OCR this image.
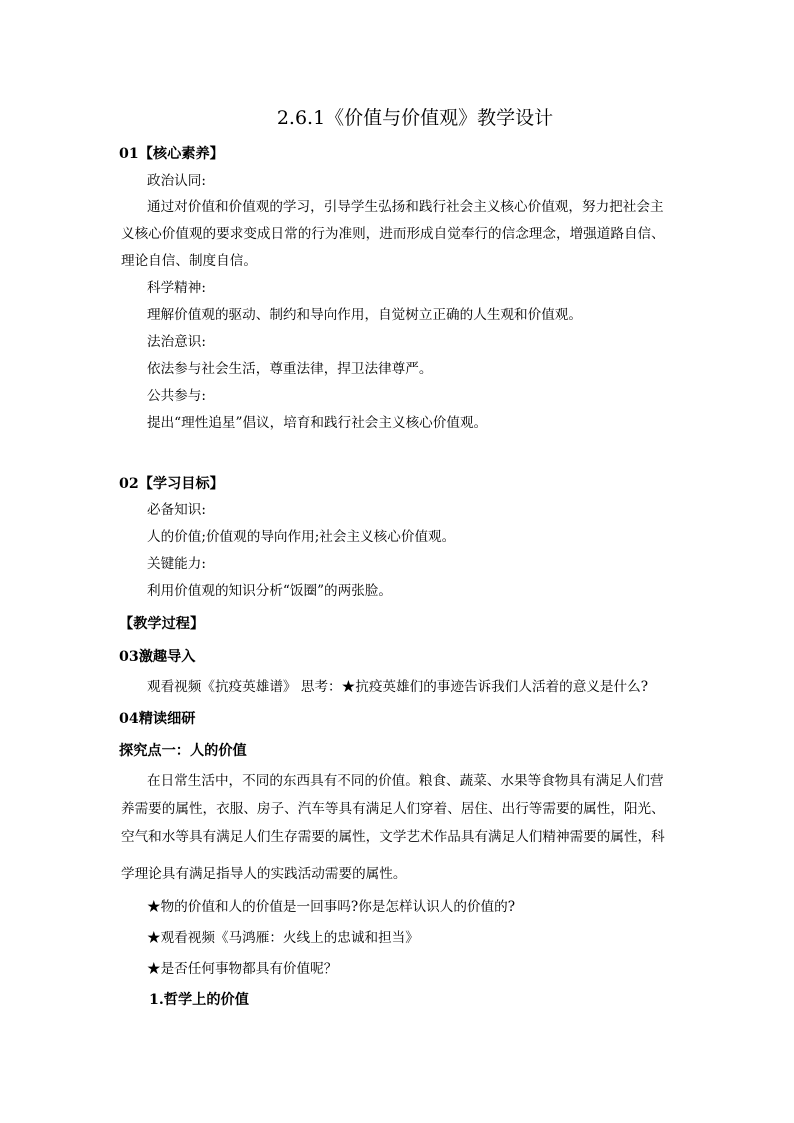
2.6.1《价值与价值观》教学设计
01【核心素养】
政治认同:
通过对价值和价值观的学习，引导学生弘扬和践行社会主义核心价值观，努力把社会主
义核心价值观的要求变成日常的行为准则，进而形成自觉奉行的信念理念，增强道路自信、
理论自信、制度自信。
科学精神:
理解价值观的驱动、制约和导向作用，自觉树立正确的人生观和价值观。
法治意识:
依法参与社会生活，尊重法律，捍卫法律尊严。
公共参与:
提出“理性追星”倡议，培育和践行社会主义核心价值观。
02【学习目标】
必备知识:
人的价值;价值观的导向作用;社会主义核心价值观。
关键能力:
利用价值观的知识分析“饭圈”的两张脸。
【教学过程】
03激趣导入
观看视频《抗疫英雄谱》 思考：★抗疫英雄们的事迹告诉我们人活着的意义是什么?
04精读细研
探究点一：人的价值
在日常生活中，不同的东西具有不同的价值。粮食、蔬菜、水果等食物具有满足人们营
养需要的属性，衣服、房子、汽车等具有满足人们穿着、居住、出行等需要的属性，阳光、
空气和水等具有满足人们生存需要的属性，文学艺术作品具有满足人们精神需要的属性，科
学理论具有满足指导人的实践活动需要的属性。
★物的价值和人的价值是一回事吗?你是怎样认识人的价值的?
★观看视频《马鸿雁：火线上的忠诚和担当》
★是否任何事物都具有价值呢？
1.哲学上的价值
